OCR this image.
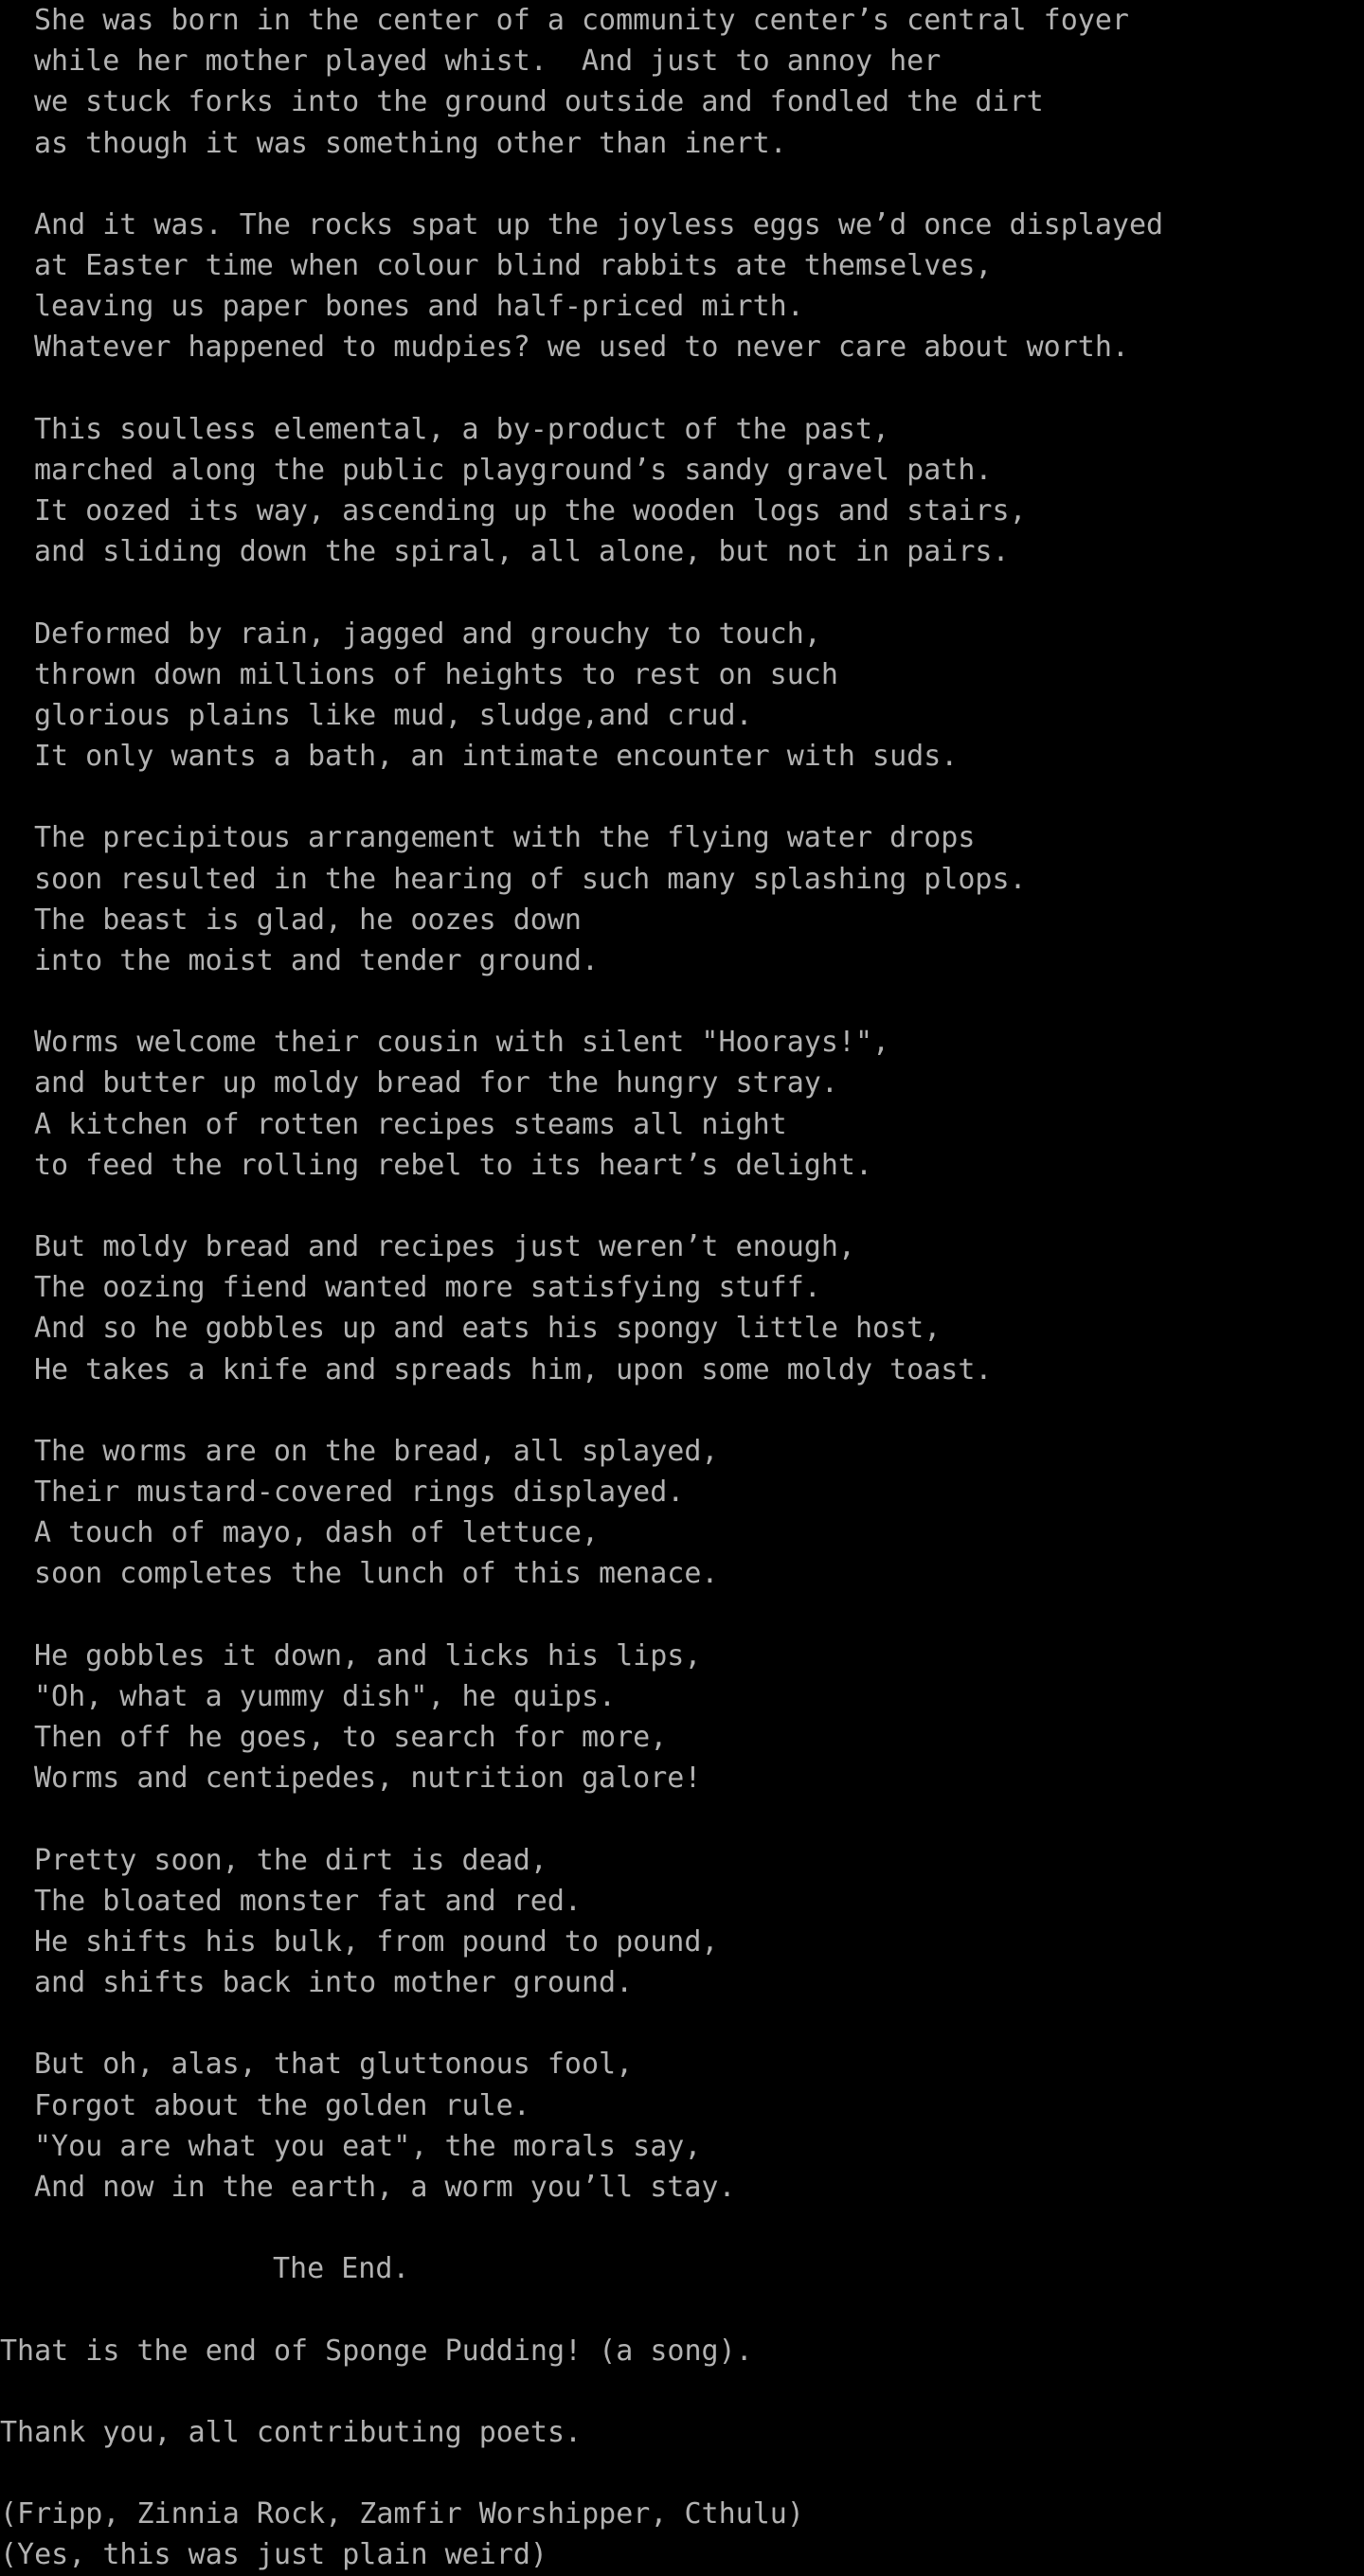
She was born in the center of a community center’s central foyer
while her mother played whist.  And just to annoy her
we stuck forks into the ground outside and fondled the dirt
as though it was something other than inert.
And it was. The rocks spat up the joyless eggs we’d once displayed
at Easter time when colour blind rabbits ate themselves,
leaving us paper bones and half-priced mirth.
Whatever happened to mudpies? we used to never care about worth.
This soulless elemental, a by-product of the past,
marched along the public playground’s sandy gravel path.
It oozed its way, ascending up the wooden logs and stairs,
and sliding down the spiral, all alone, but not in pairs.
Deformed by rain, jagged and grouchy to touch,
thrown down millions of heights to rest on such
glorious plains like mud, sludge,and crud.
It only wants a bath, an intimate encounter with suds.
The precipitous arrangement with the flying water drops
soon resulted in the hearing of such many splashing plops.
The beast is glad, he oozes down
into the moist and tender ground.
Worms welcome their cousin with silent "Hoorays!",
and butter up moldy bread for the hungry stray.
A kitchen of rotten recipes steams all night
to feed the rolling rebel to its heart’s delight.
But moldy bread and recipes just weren’t enough,
The oozing fiend wanted more satisfying stuff.
And so he gobbles up and eats his spongy little host,
He takes a knife and spreads him, upon some moldy toast.
The worms are on the bread, all splayed,
Their mustard-covered rings displayed.
A touch of mayo, dash of lettuce,
soon completes the lunch of this menace.
He gobbles it down, and licks his lips,
"Oh, what a yummy dish", he quips.
Then off he goes, to search for more,
Worms and centipedes, nutrition galore!
Pretty soon, the dirt is dead,
The bloated monster fat and red.
He shifts his bulk, from pound to pound,
and shifts back into mother ground.
But oh, alas, that gluttonous fool,
Forgot about the golden rule.
"You are what you eat", the morals say,
And now in the earth, a worm you’ll stay.
The End.
That is the end of Sponge Pudding! (a song).
Thank you, all contributing poets.
(Fripp, Zinnia Rock, Zamfir Worshipper, Cthulu)
(Yes, this was just plain weird)
